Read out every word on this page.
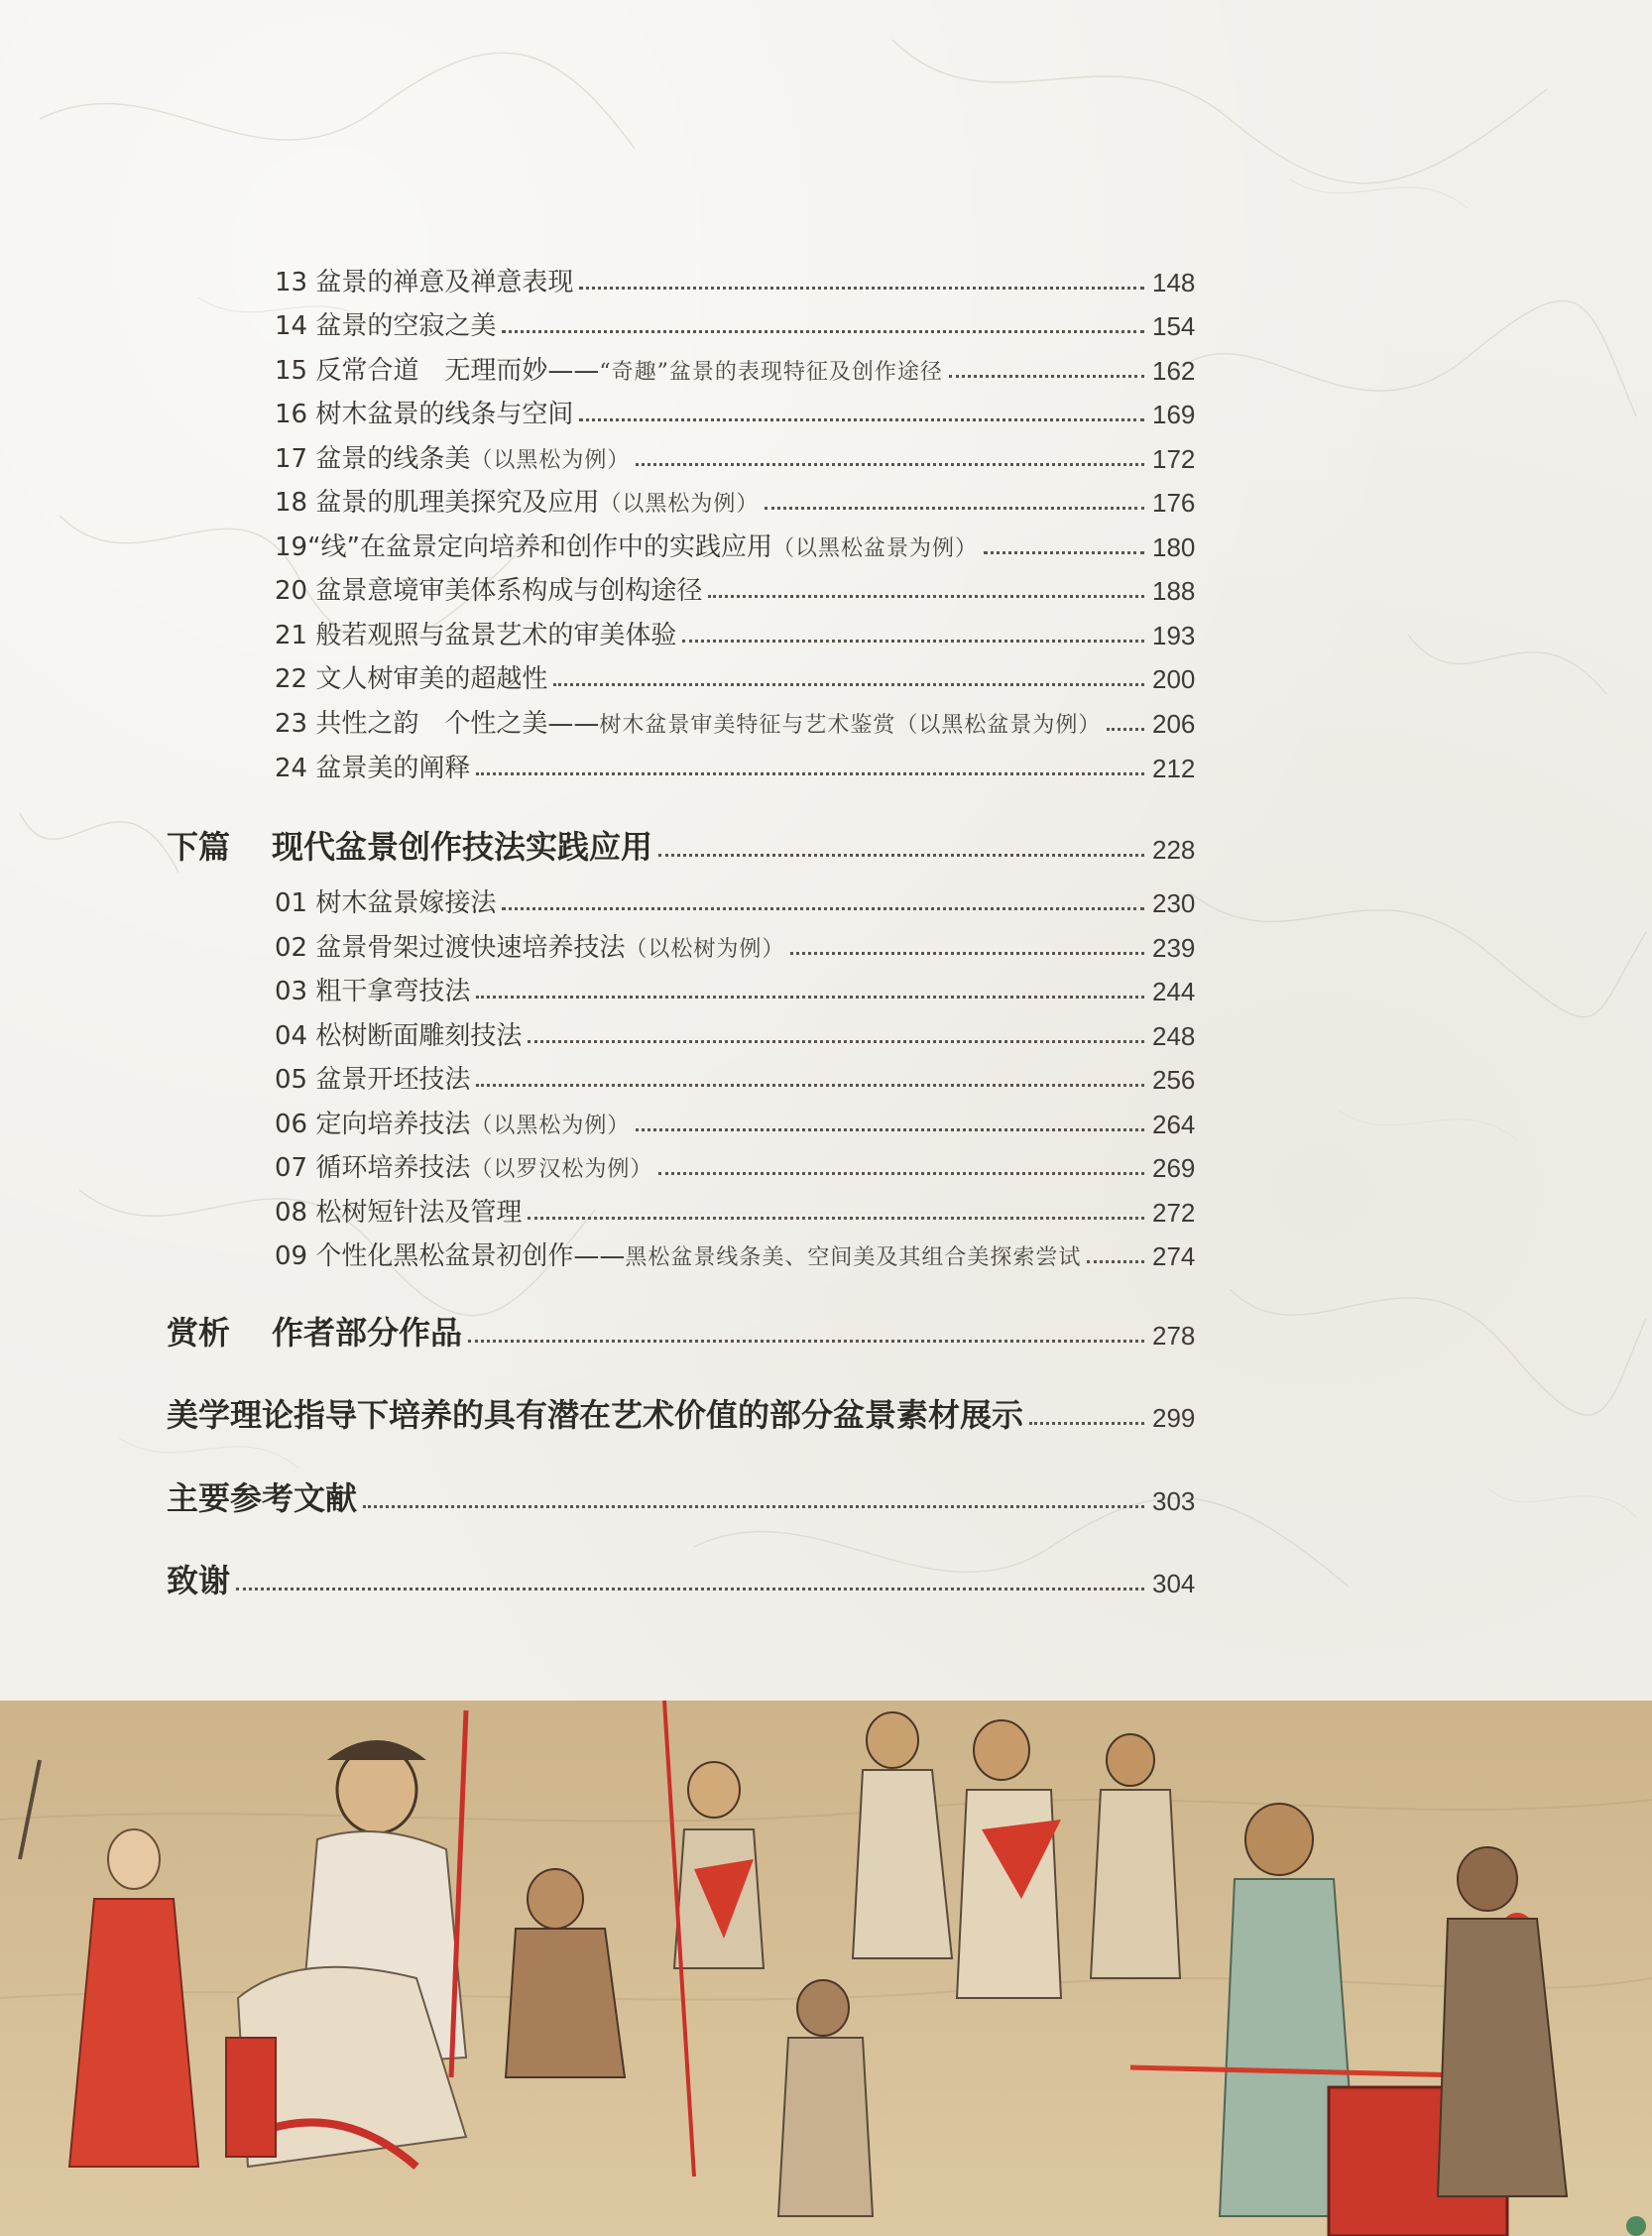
13 盆景的禅意及禅意表现	148
14 盆景的空寂之美	154
15 反常合道　无理而妙——“奇趣”盆景的表现特征及创作途径	162
16 树木盆景的线条与空间	169
17 盆景的线条美（以黑松为例）	172
18 盆景的肌理美探究及应用（以黑松为例）	176
19“线”在盆景定向培养和创作中的实践应用（以黑松盆景为例）	180
20 盆景意境审美体系构成与创构途径	188
21 般若观照与盆景艺术的审美体验	193
22 文人树审美的超越性	200
23 共性之韵　个性之美——树木盆景审美特征与艺术鉴赏（以黑松盆景为例） 206
24 盆景美的阐释	212
下篇 现代盆景创作技法实践应用	228
01 树木盆景嫁接法	230
02 盆景骨架过渡快速培养技法（以松树为例）	239
03 粗干拿弯技法	244
04 松树断面雕刻技法	248
05 盆景开坯技法	256
06 定向培养技法（以黑松为例）	264
07 循环培养技法（以罗汉松为例）	269
08 松树短针法及管理	272
09 个性化黑松盆景初创作——黑松盆景线条美、空间美及其组合美探索尝试	274
赏析 作者部分作品	278
美学理论指导下培养的具有潜在艺术价值的部分盆景素材展示	299
主要参考文献	303
致谢	304
